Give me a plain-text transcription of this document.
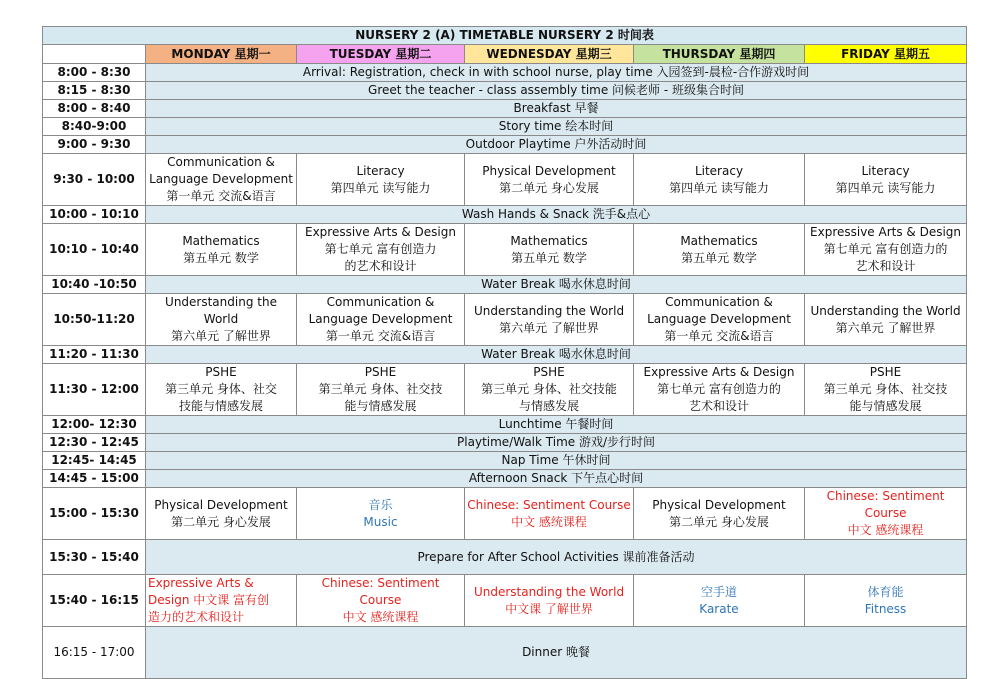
NURSERY 2 (A) TIMETABLE NURSERY 2 时间表					
	MONDAY 星期一	TUESDAY 星期二	WEDNESDAY 星期三	THURSDAY 星期四	FRIDAY 星期五
8:00 - 8:30	Arrival: Registration, check in with school nurse, play time 入园签到-晨检-合作游戏时间				
8:15 - 8:30	Greet the teacher - class assembly time 问候老师 - 班级集合时间				
8:00 - 8:40	Breakfast 早餐				
8:40-9:00	Story time 绘本时间				
9:00 - 9:30	Outdoor Playtime 户外活动时间				
9:30 - 10:00	Communication &
Language Development
第一单元 交流&语言	Literacy
第四单元 读写能力	Physical Development
第二单元 身心发展	Literacy
第四单元 读写能力	Literacy
第四单元 读写能力

10:00 - 10:10	Wash Hands & Snack 洗手&点心				
10:10 - 10:40	Mathematics
第五单元 数学	Expressive Arts & Design
第七单元 富有创造力
的艺术和设计	Mathematics
第五单元 数学	Mathematics
第五单元 数学	Expressive Arts & Design
第七单元 富有创造力的
艺术和设计

10:40 -10:50	Water Break 喝水休息时间				
10:50-11:20	Understanding the
World
第六单元 了解世界	Communication &
Language Development
第一单元 交流&语言	Understanding the World
第六单元 了解世界	Communication &
Language Development
第一单元 交流&语言	Understanding the World
第六单元 了解世界

11:20 - 11:30	Water Break 喝水休息时间				
11:30 - 12:00	PSHE
第三单元 身体、社交
技能与情感发展	PSHE
第三单元 身体、社交技
能与情感发展	PSHE
第三单元 身体、社交技能
与情感发展	Expressive Arts & Design
第七单元 富有创造力的
艺术和设计	PSHE
第三单元 身体、社交技
能与情感发展

12:00- 12:30	Lunchtime 午餐时间				
12:30 - 12:45	Playtime/Walk Time 游戏/步行时间				
12:45- 14:45	Nap Time 午休时间				
14:45 - 15:00	Afternoon Snack 下午点心时间				
15:00 - 15:30	Physical Development
第二单元 身心发展	音乐
Music	Chinese: Sentiment Course
中文 感统课程	Physical Development
第二单元 身心发展	Chinese: Sentiment Course
中文 感统课程

15:30 - 15:40	Prepare for After School Activities 课前准备活动				
15:40 - 16:15	Expressive Arts &
Design 中文课 富有创
造力的艺术和设计	Chinese: Sentiment
Course
中文 感统课程	Understanding the World
中文课 了解世界	空手道
Karate	体育能
Fitness

16:15 - 17:00	Dinner 晚餐				
